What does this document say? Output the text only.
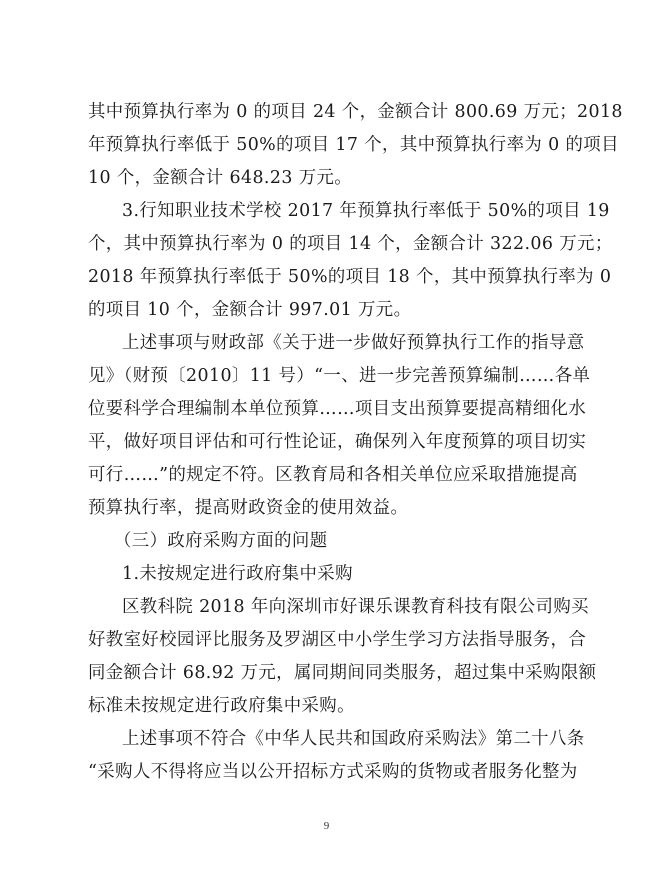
其中预算执行率为 0 的项目 24 个，金额合计 800.69 万元；2018
年预算执行率低于 50%的项目 17 个，其中预算执行率为 0 的项目
10 个，金额合计 648.23 万元。
3.行知职业技术学校 2017 年预算执行率低于 50%的项目 19
个，其中预算执行率为 0 的项目 14 个，金额合计 322.06 万元；
2018 年预算执行率低于 50%的项目 18 个，其中预算执行率为 0
的项目 10 个，金额合计 997.01 万元。
上述事项与财政部《关于进一步做好预算执行工作的指导意
见》（财预〔2010〕11 号）“一、进一步完善预算编制……各单
位要科学合理编制本单位预算……项目支出预算要提高精细化水
平，做好项目评估和可行性论证，确保列入年度预算的项目切实
可行……”的规定不符。区教育局和各相关单位应采取措施提高
预算执行率，提高财政资金的使用效益。
（三）政府采购方面的问题
1.未按规定进行政府集中采购
区教科院 2018 年向深圳市好课乐课教育科技有限公司购买
好教室好校园评比服务及罗湖区中小学生学习方法指导服务，合
同金额合计 68.92 万元，属同期间同类服务，超过集中采购限额
标准未按规定进行政府集中采购。
上述事项不符合《中华人民共和国政府采购法》第二十八条
“采购人不得将应当以公开招标方式采购的货物或者服务化整为
9
